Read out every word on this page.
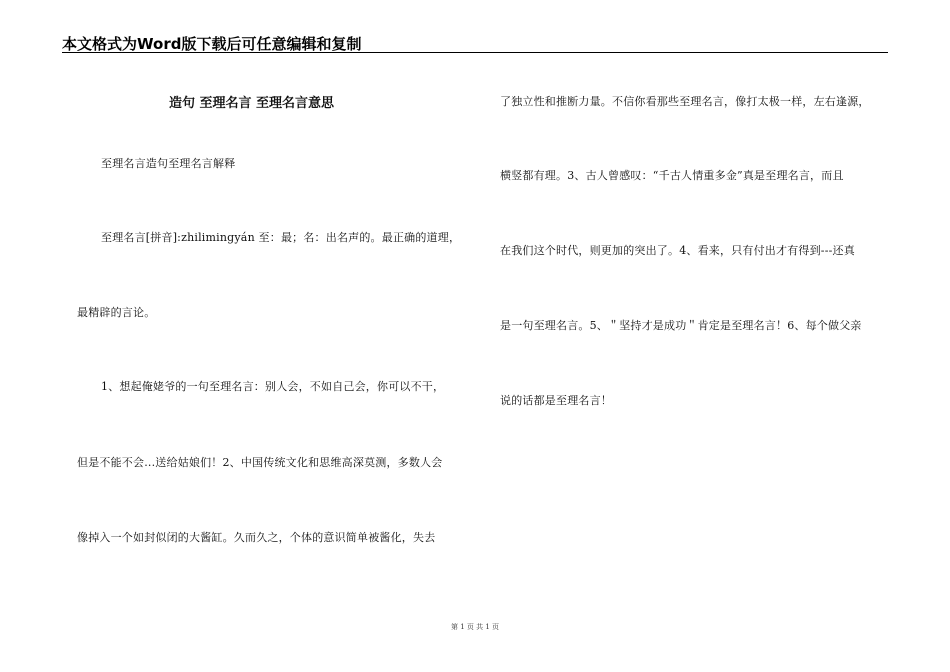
本文格式为Word版下载后可任意编辑和复制
造句 至理名言 至理名言意思
至理名言造句至理名言解释
至理名言[拼音]:zhilimingyán 至：最；名：出名声的。最正确的道理，
最精辟的言论。
1、想起俺姥爷的一句至理名言：别人会，不如自己会，你可以不干，
但是不能不会...送给姑娘们！2、中国传统文化和思维高深莫测，多数人会
像掉入一个如封似闭的大酱缸。久而久之，个体的意识简单被酱化，失去
了独立性和推断力量。不信你看那些至理名言，像打太极一样，左右逢源，
横竖都有理。3、古人曾感叹：“千古人情重多金”真是至理名言，而且
在我们这个时代，则更加的突出了。4、看来，只有付出才有得到---还真
是一句至理名言。5、＂坚持才是成功＂肯定是至理名言！6、每个做父亲
说的话都是至理名言！
第 1 页 共 1 页
